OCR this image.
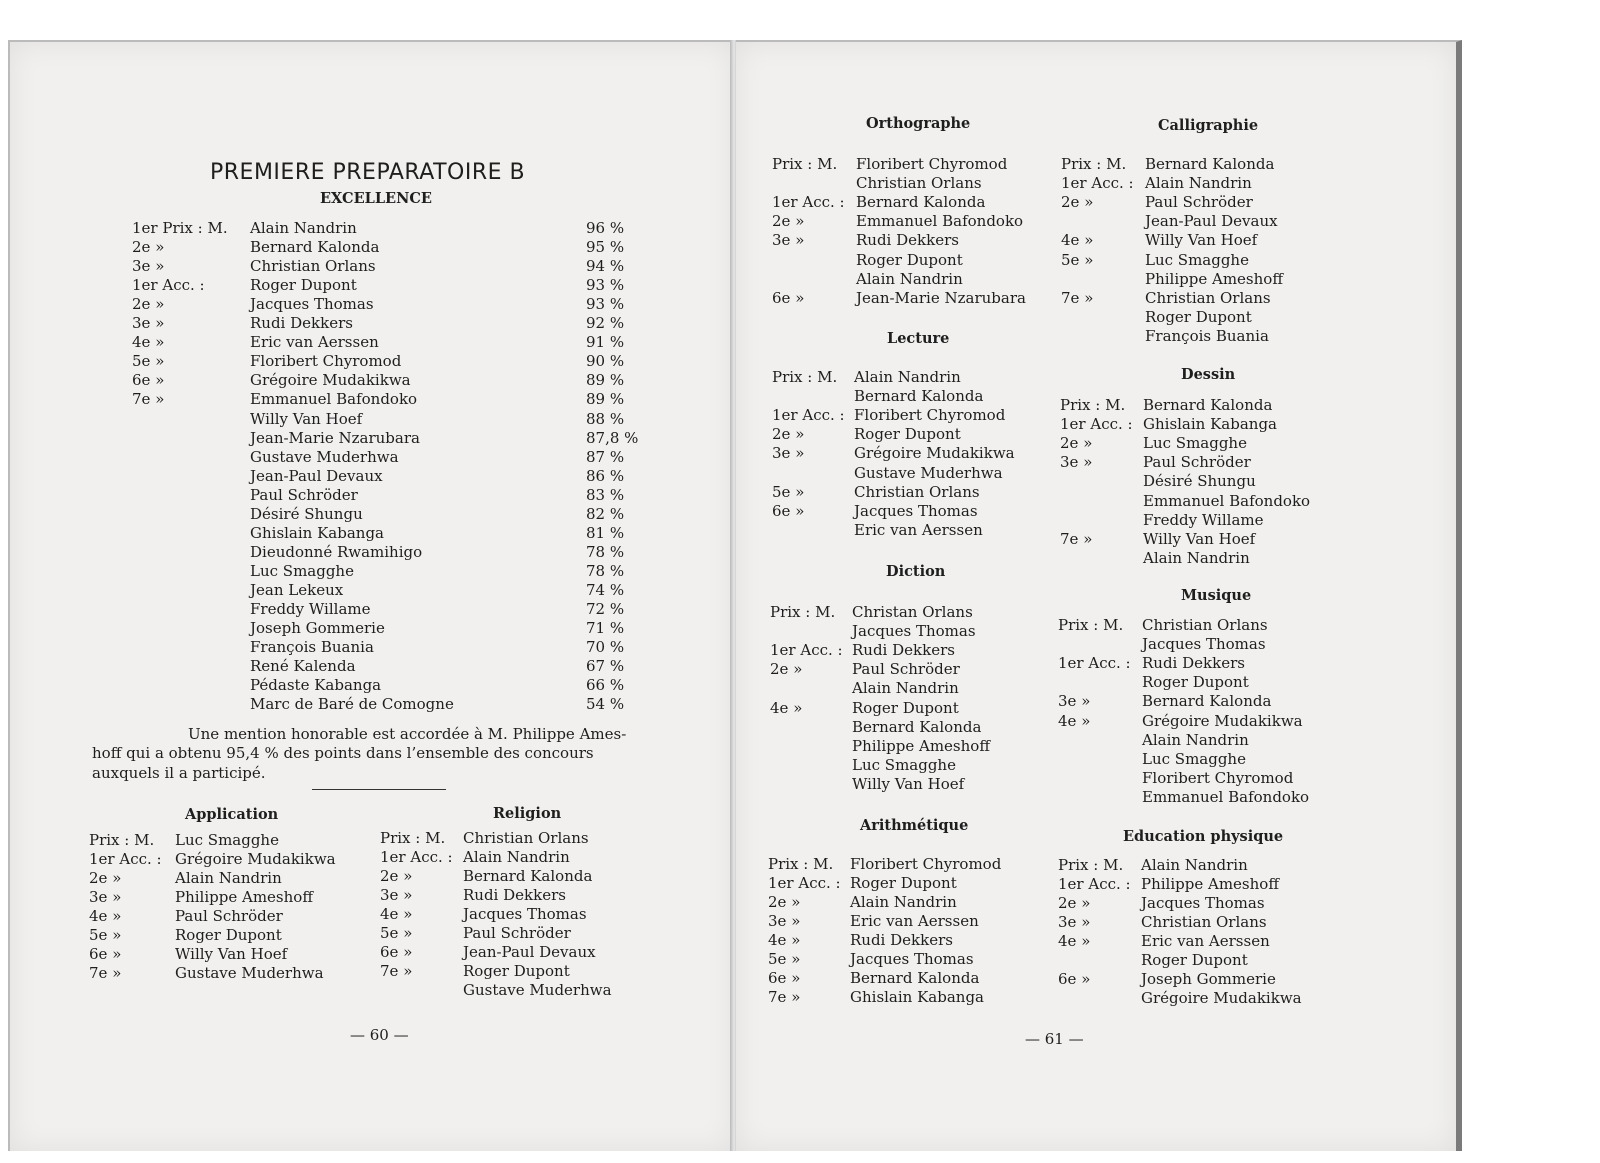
PREMIERE PREPARATOIRE B
EXCELLENCE
1er Prix : M. Alain Nandrin	96 %
2e »	Bernard Kalonda	95 %
3e »	Christian Orlans	94 %
1er Acc. :	Roger Dupont	93 %
2e »	Jacques Thomas	93 %
3e »	Rudi Dekkers	92 %
4e »	Eric van Aerssen	91 %
5e »	Floribert Chyromod	90 %
6e »	Grégoire Mudakikwa	89 %
7e »	Emmanuel Bafondoko	89 %
Willy Van Hoef	88 %
Jean-Marie Nzarubara	87,8 %
Gustave Muderhwa	87 %
Jean-Paul Devaux	86 %
Paul Schröder	83 %
Désiré Shungu	82 %
Ghislain Kabanga	81 %
Dieudonné Rwamihigo	78 %
Luc Smagghe	78 %
Jean Lekeux	74 %
Freddy Willame	72 %
Joseph Gommerie	71 %
François Buania	70 %
René Kalenda	67 %
Pédaste Kabanga	66 %
Marc de Baré de Comogne	54 %
Une mention honorable est accordée à M. Philippe Ames-
hoff qui a obtenu 95,4 % des points dans l’ensemble des concours
auxquels il a participé.
Application	Religion
Prix : M. Luc Smagghe
1er Acc. : Grégoire Mudakikwa
2e »	Alain Nandrin
3e »	Philippe Ameshoff
4e »	Paul Schröder
5e »	Roger Dupont
6e »	Willy Van Hoef
7e »	Gustave Muderhwa
Prix : M. Christian Orlans
1er Acc. : Alain Nandrin
2e »	Bernard Kalonda
3e »	Rudi Dekkers
4e »	Jacques Thomas
5e »	Paul Schröder
6e »	Jean-Paul Devaux
7e »	Roger Dupont
Gustave Muderhwa
— 60 —
Orthographe	Calligraphie
Lecture
Dessin
Diction
Musique
Arithmétique
Education physique
Prix : M. Floribert Chyromod
Christian Orlans
1er Acc. : Bernard Kalonda
2e »	Emmanuel Bafondoko
3e »	Rudi Dekkers
Roger Dupont
Alain Nandrin
6e »	Jean-Marie Nzarubara
Prix : M. Alain Nandrin
Bernard Kalonda
1er Acc. : Floribert Chyromod
2e »	Roger Dupont
3e »	Grégoire Mudakikwa
Gustave Muderhwa
5e »	Christian Orlans
6e »	Jacques Thomas
Eric van Aerssen
Prix : M. Christan Orlans
Jacques Thomas
1er Acc. : Rudi Dekkers
2e »	Paul Schröder
Alain Nandrin
4e »	Roger Dupont
Bernard Kalonda
Philippe Ameshoff
Luc Smagghe
Willy Van Hoef
Prix : M. Floribert Chyromod
1er Acc. : Roger Dupont
2e »	Alain Nandrin
3e »	Eric van Aerssen
4e »	Rudi Dekkers
5e »	Jacques Thomas
6e »	Bernard Kalonda
7e »	Ghislain Kabanga
Prix : M. Bernard Kalonda
1er Acc. : Alain Nandrin
2e »	Paul Schröder
Jean-Paul Devaux
4e »	Willy Van Hoef
5e »	Luc Smagghe
Philippe Ameshoff
7e »	Christian Orlans
Roger Dupont
François Buania
Prix : M. Bernard Kalonda
1er Acc. : Ghislain Kabanga
2e »	Luc Smagghe
3e »	Paul Schröder
Désiré Shungu
Emmanuel Bafondoko
Freddy Willame
7e »	Willy Van Hoef
Alain Nandrin
Prix : M. Christian Orlans
Jacques Thomas
1er Acc. : Rudi Dekkers
Roger Dupont
3e »	Bernard Kalonda
4e »	Grégoire Mudakikwa
Alain Nandrin
Luc Smagghe
Floribert Chyromod
Emmanuel Bafondoko
Prix : M. Alain Nandrin
1er Acc. : Philippe Ameshoff
2e »	Jacques Thomas
3e »	Christian Orlans
4e »	Eric van Aerssen
Roger Dupont
6e »	Joseph Gommerie
Grégoire Mudakikwa
— 61 —
